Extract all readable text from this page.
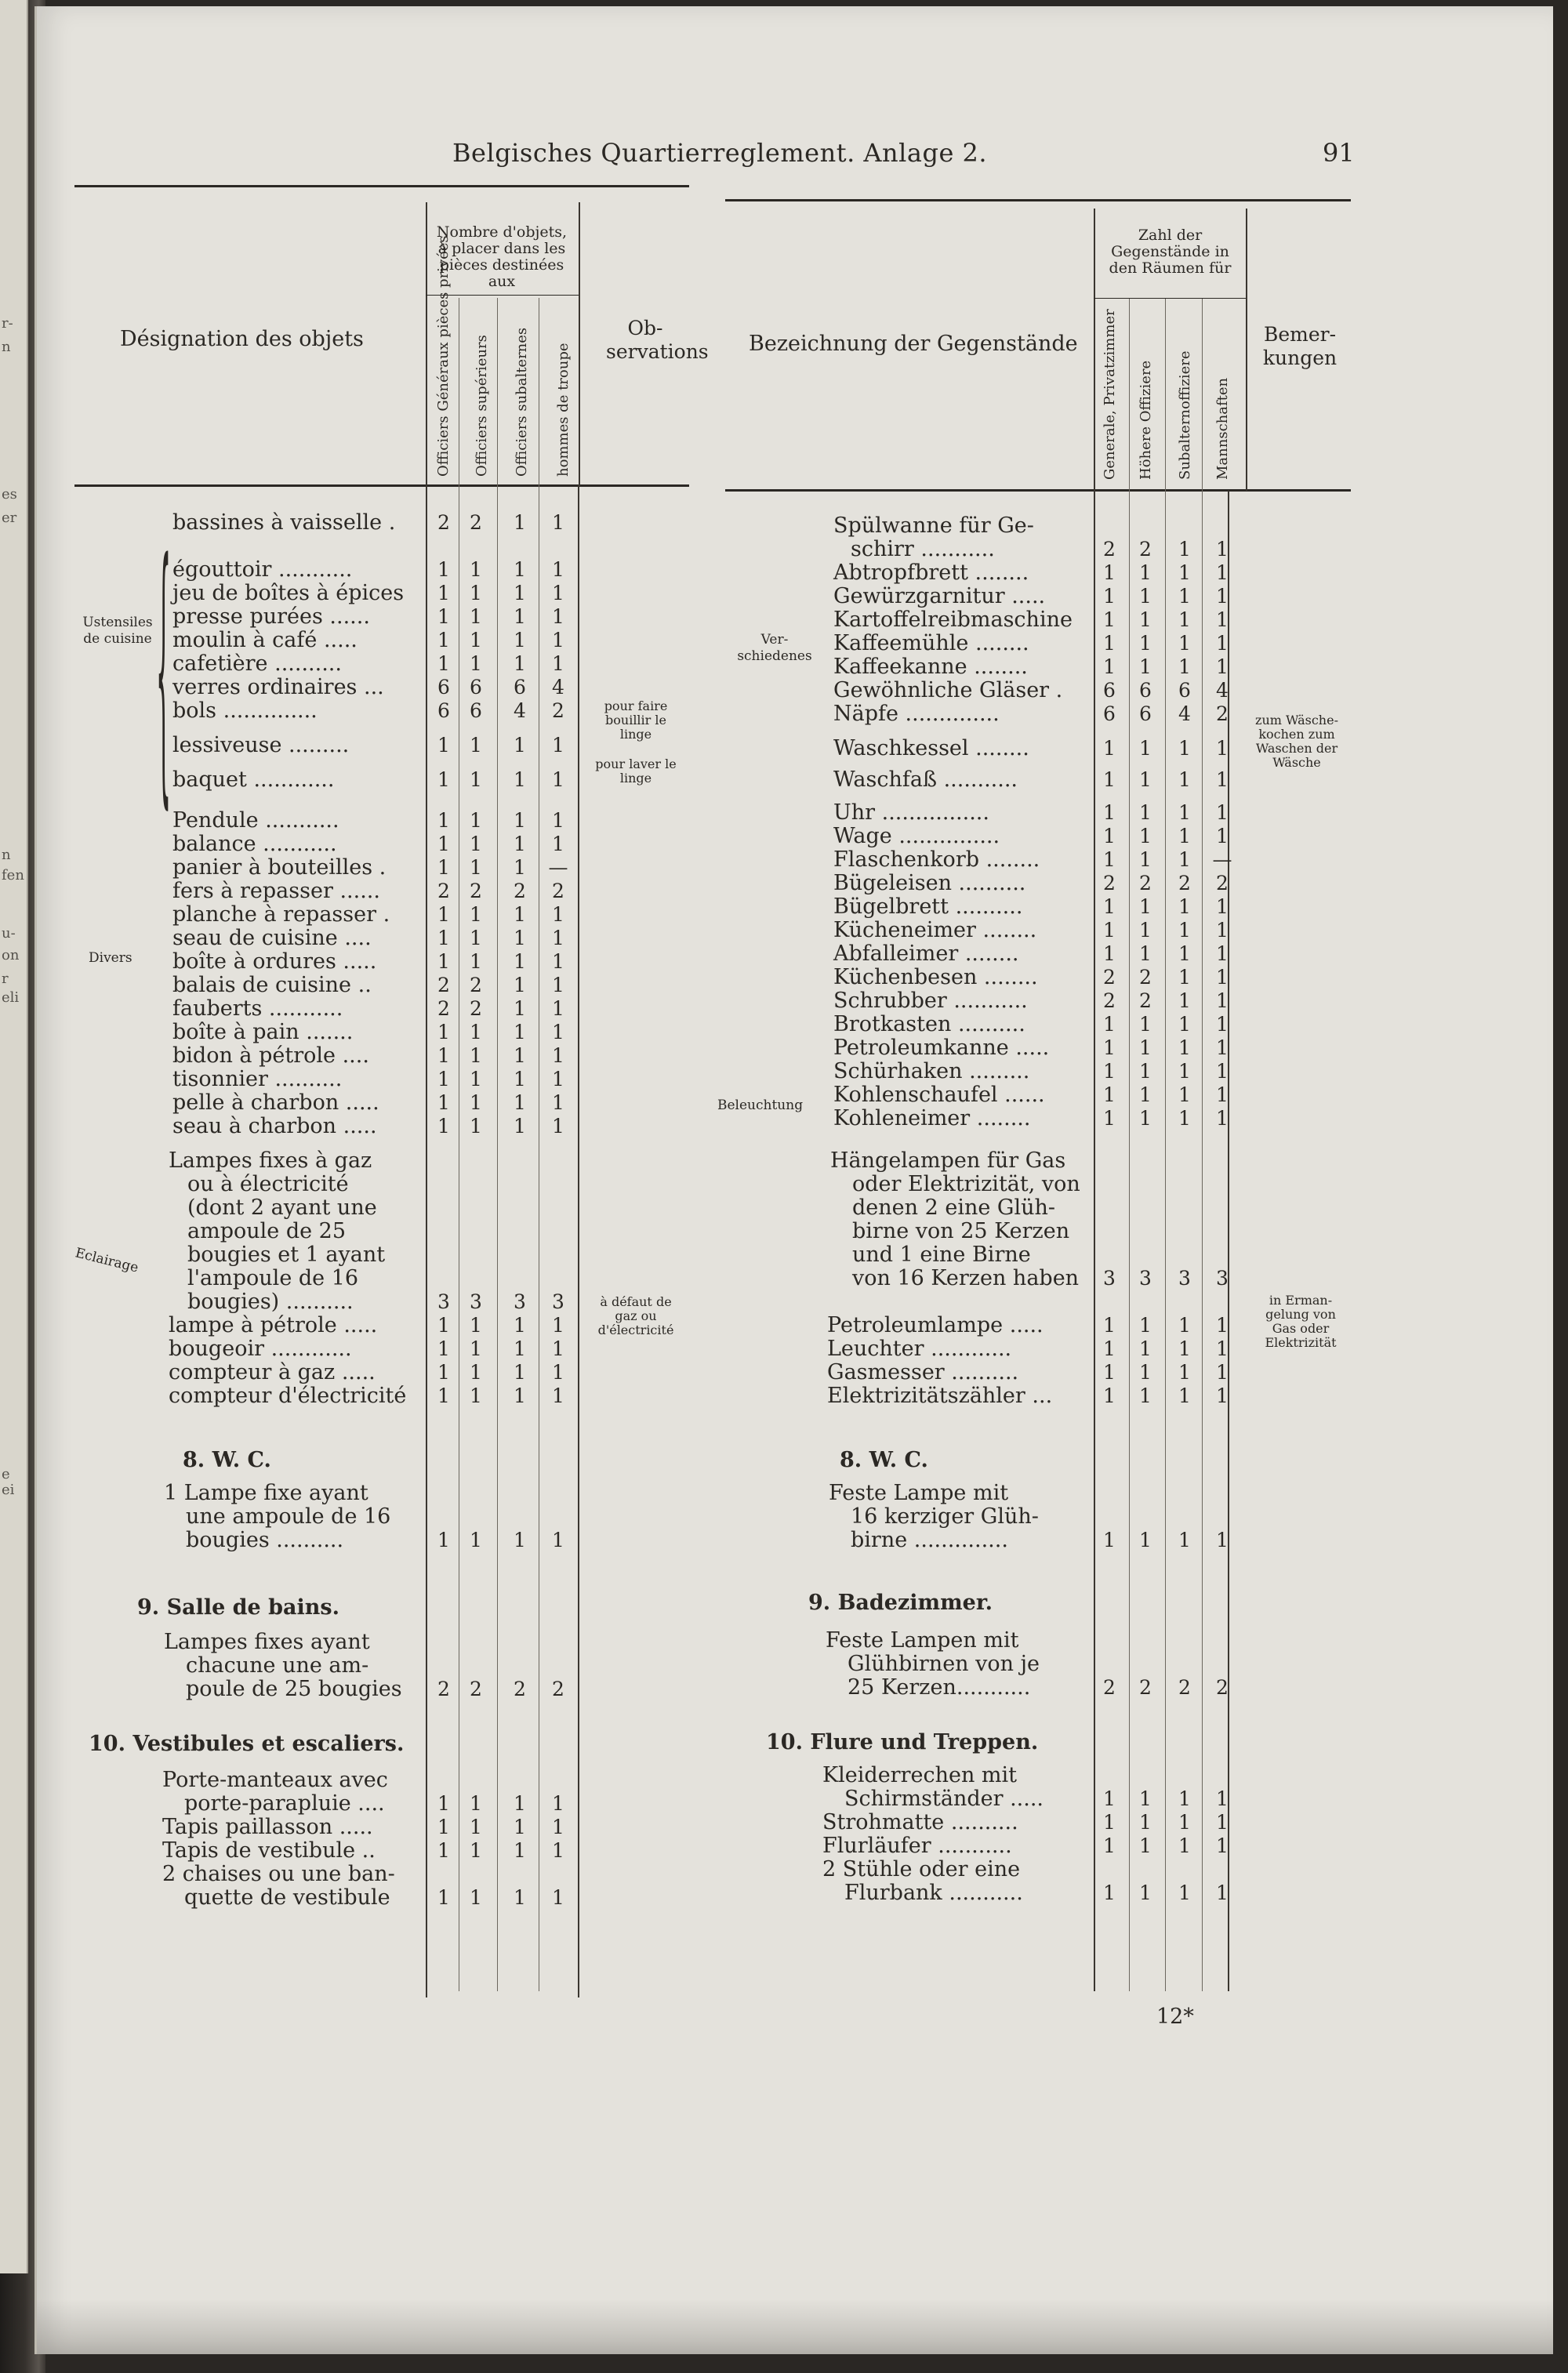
r-
n
es
er
n
fen
u-
on
r
eli
e
ei
Belgisches Quartierreglement. Anlage 2.	91
Désignation des objets
Nombre d'objets, à placer dans les pièces destinées aux
Ob- servations
Officiers Généraux pièces privées Officiers supérieurs Officiers subalternes hommes de troupe
bassines à vaisselle .	2	2	1	1
égouttoir ...........	1	1	1	1
jeu de boîtes à épices	1	1	1	1
presse purées ......	1	1	1	1
moulin à café .....	1	1	1	1
cafetière ..........	1	1	1	1
verres ordinaires ...	6	6	6	4
bols ..............	6	6	4	2
lessiveuse .........	1	1	1	1
baquet ............	1	1	1	1
Pendule ...........	1	1	1	1
balance ...........	1	1	1	1
panier à bouteilles .	1	1	1	—
fers à repasser ......	2	2	2	2
planche à repasser .	1	1	1	1
seau de cuisine ....	1	1	1	1
boîte à ordures .....	1	1	1	1
balais de cuisine ..	2	2	1	1
fauberts ...........	2	2	1	1
boîte à pain .......	1	1	1	1
bidon à pétrole ....	1	1	1	1
tisonnier ..........	1	1	1	1
pelle à charbon .....	1	1	1	1
seau à charbon .....	1	1	1	1
Ustensiles de cuisine
Divers
Eclairage
{	pour faire bouillir le linge
pour laver le linge
à défaut de gaz ou d'électricité
Lampes fixes à gaz
ou à électricité
(dont 2 ayant une
ampoule de 25
bougies et 1 ayant
l'ampoule de 16
bougies) ..........	3	3	3	3
lampe à pétrole .....	1	1	1	1
bougeoir ............	1	1	1	1
compteur à gaz .....	1	1	1	1
compteur d'électricité	1	1	1	1
8. W. C.
1 Lampe fixe ayant
une ampoule de 16
bougies ..........	1	1	1	1
9. Salle de bains.
Lampes fixes ayant
chacune une am-
poule de 25 bougies	2	2	2	2
10. Vestibules et escaliers.
Porte-manteaux avec
porte-parapluie ....	1	1	1	1
Tapis paillasson .....	1	1	1	1
Tapis de vestibule ..	1	1	1	1
2 chaises ou une ban-
quette de vestibule	1	1	1	1
Bezeichnung der Gegenstände
Zahl der Gegenstände in den Räumen für
Bemer- kungen
Generale, Privatzimmer Höhere Offiziere Subalternoffiziere Mannschaften
Spülwanne für Ge-
schirr ...........	2	2	1	1
Abtropfbrett ........	1	1	1	1
Gewürzgarnitur .....	1	1	1	1
Kartoffelreibmaschine	1	1	1	1
Kaffeemühle ........	1	1	1	1
Kaffeekanne ........	1	1	1	1
Gewöhnliche Gläser .	6	6	6	4
Näpfe ..............	6	6	4	2
Waschkessel ........	1	1	1	1
Waschfaß ...........	1	1	1	1
Uhr ................	1	1	1	1
Wage ...............	1	1	1	1
Flaschenkorb ........	1	1	1	—
Bügeleisen ..........	2	2	2	2
Bügelbrett ..........	1	1	1	1
Kücheneimer ........	1	1	1	1
Abfalleimer ........	1	1	1	1
Küchenbesen ........	2	2	1	1
Schrubber ...........	2	2	1	1
Brotkasten ..........	1	1	1	1
Petroleumkanne .....	1	1	1	1
Schürhaken .........	1	1	1	1
Kohlenschaufel ......	1	1	1	1
Kohleneimer ........	1	1	1	1
Ver- schiedenes
Beleuchtung
zum Wäsche- kochen zum Waschen der Wäsche
in Erman- gelung von Gas oder Elektrizität
Hängelampen für Gas
oder Elektrizität, von
denen 2 eine Glüh-
birne von 25 Kerzen
und 1 eine Birne
von 16 Kerzen haben	3	3	3	3
Petroleumlampe .....	1	1	1	1
Leuchter ............	1	1	1	1
Gasmesser ..........	1	1	1	1
Elektrizitätszähler ...	1	1	1	1
8. W. C.
Feste Lampe mit
16 kerziger Glüh-
birne ..............	1	1	1	1
9. Badezimmer.
Feste Lampen mit
Glühbirnen von je
25 Kerzen...........	2	2	2	2
10. Flure und Treppen.
Kleiderrechen mit
Schirmständer .....	1	1	1	1
Strohmatte ..........	1	1	1	1
Flurläufer ...........	1	1	1	1
2 Stühle oder eine
Flurbank ...........	1	1	1	1
12*
